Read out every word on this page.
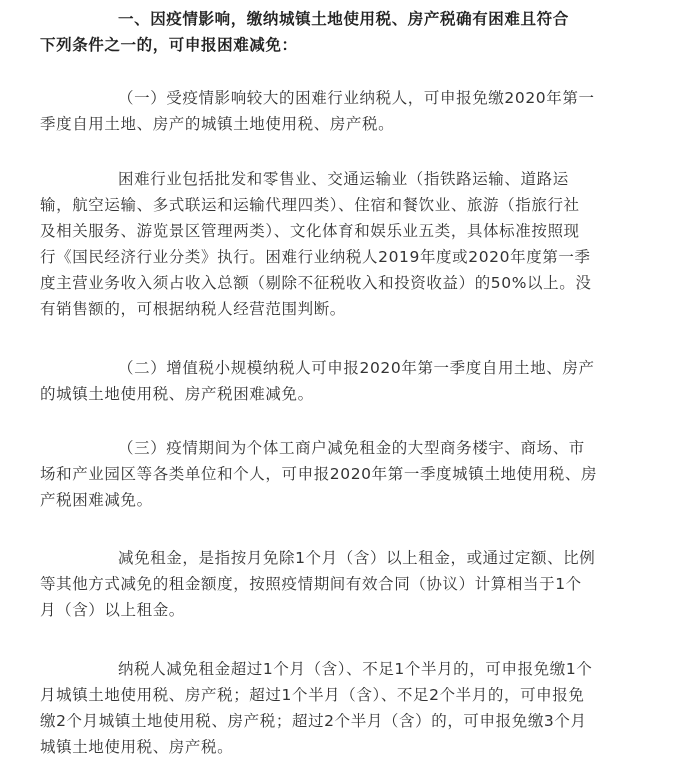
一、因疫情影响，缴纳城镇土地使用税、房产税确有困难且符合
下列条件之一的，可申报困难减免：
（一）受疫情影响较大的困难行业纳税人，可申报免缴2020年第一
季度自用土地、房产的城镇土地使用税、房产税。
困难行业包括批发和零售业、交通运输业（指铁路运输、道路运
输，航空运输、多式联运和运输代理四类）、住宿和餐饮业、旅游（指旅行社
及相关服务、游览景区管理两类）、文化体育和娱乐业五类，具体标准按照现
行《国民经济行业分类》执行。困难行业纳税人2019年度或2020年度第一季
度主营业务收入须占收入总额（剔除不征税收入和投资收益）的50%以上。没
有销售额的，可根据纳税人经营范围判断。
（二）增值税小规模纳税人可申报2020年第一季度自用土地、房产
的城镇土地使用税、房产税困难减免。
（三）疫情期间为个体工商户减免租金的大型商务楼宇、商场、市
场和产业园区等各类单位和个人，可申报2020年第一季度城镇土地使用税、房
产税困难减免。
减免租金，是指按月免除1个月（含）以上租金，或通过定额、比例
等其他方式减免的租金额度，按照疫情期间有效合同（协议）计算相当于1个
月（含）以上租金。
纳税人减免租金超过1个月（含）、不足1个半月的，可申报免缴1个
月城镇土地使用税、房产税；超过1个半月（含）、不足2个半月的，可申报免
缴2个月城镇土地使用税、房产税；超过2个半月（含）的，可申报免缴3个月
城镇土地使用税、房产税。
